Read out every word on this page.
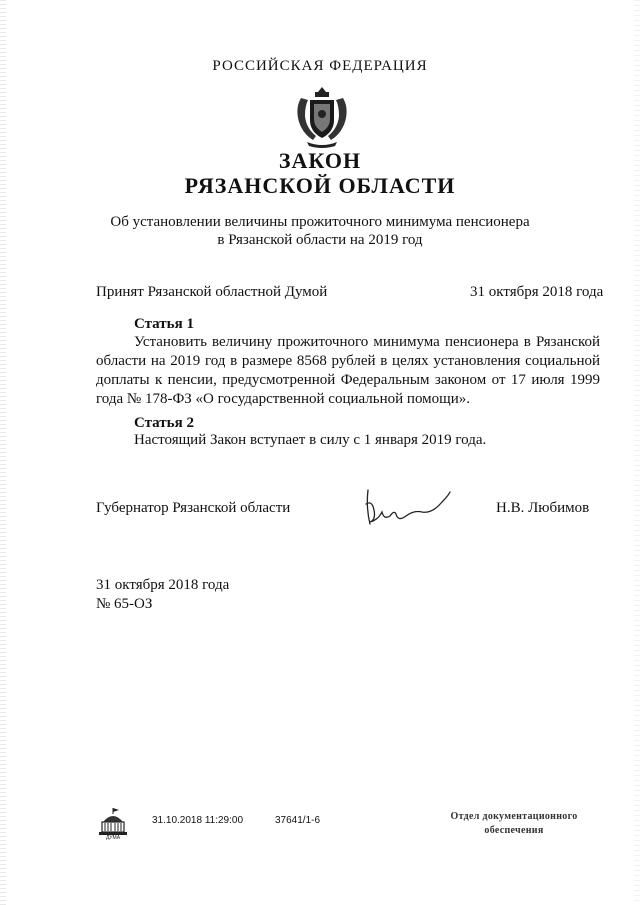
РОССИЙСКАЯ ФЕДЕРАЦИЯ
ЗАКОН
РЯЗАНСКОЙ ОБЛАСТИ
Об установлении величины прожиточного минимума пенсионера
в Рязанской области на 2019 год
Принят Рязанской областной Думой	31 октября 2018 года
Статья 1
Установить величину прожиточного минимума пенсионера в Рязанской области на 2019 год в размере 8568 рублей в целях установления социальной доплаты к пенсии, предусмотренной Федеральным законом от 17 июля 1999 года № 178-ФЗ «О государственной социальной помощи».
Статья 2
Настоящий Закон вступает в силу с 1 января 2019 года.
Губернатор Рязанской области	Н.В. Любимов
31 октября 2018 года
№ 65-ОЗ
ДУМА
31.10.2018 11:29:00	37641/1-6	Отдел документационного
обеспечения
